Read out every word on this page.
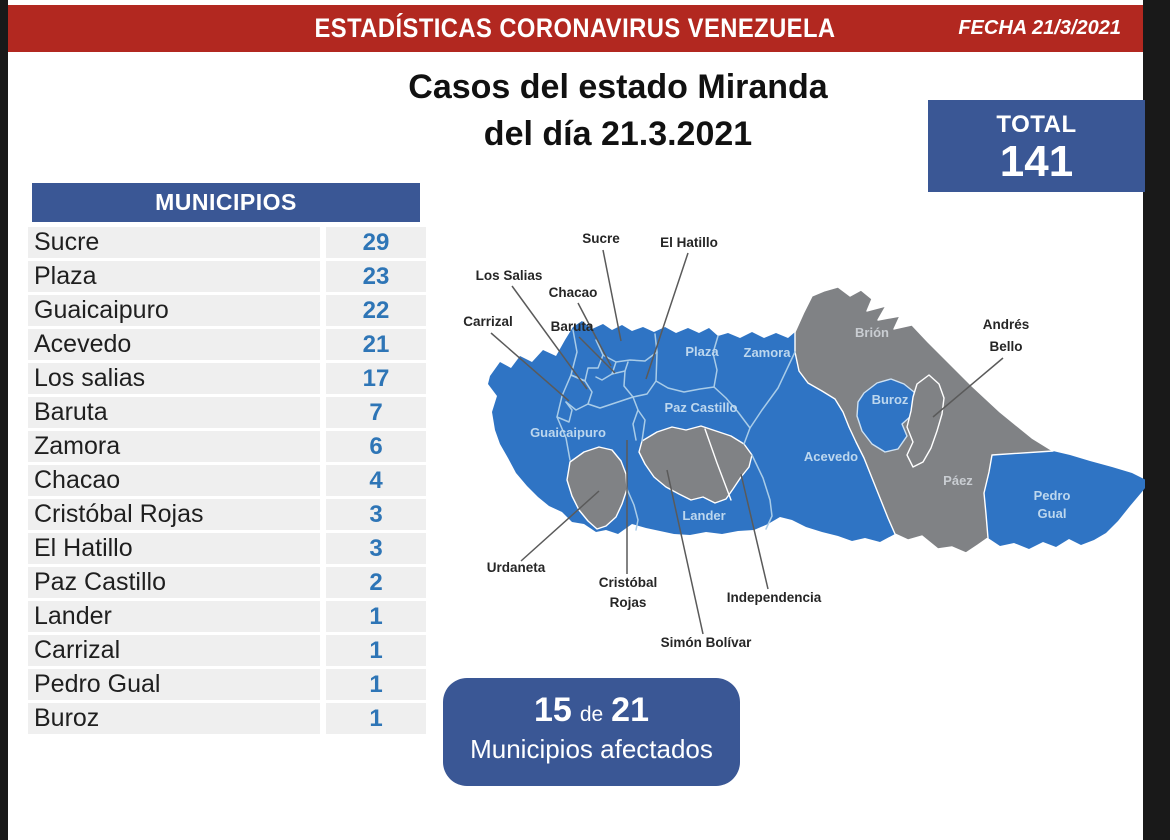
ESTADÍSTICAS CORONAVIRUS VENEZUELA	FECHA 21/3/2021
Casos del estado Miranda
del día 21.3.2021	TOTAL
141
MUNICIPIOS
Sucre	29
Plaza	23
Guaicaipuro	22
Acevedo	21
Los salias	17
Baruta	7
Zamora	6
Chacao	4
Cristóbal Rojas	3
El Hatillo	3
Paz Castillo	2
Lander	1
Carrizal	1
Pedro Gual	1
Buroz	1	15 de 21
Municipios afectados
Sucre	El Hatillo
Los Salias
Chacao
Carrizal	Baruta	Andrés
Bello
Urdaneta
Cristóbal
Rojas	Independencia
Simón Bolívar
Plaza Zamora
Paz Castillo
Guaicaipuro
Acevedo
Lander
Buroz
Pedro
Gual
Brión
Páez
